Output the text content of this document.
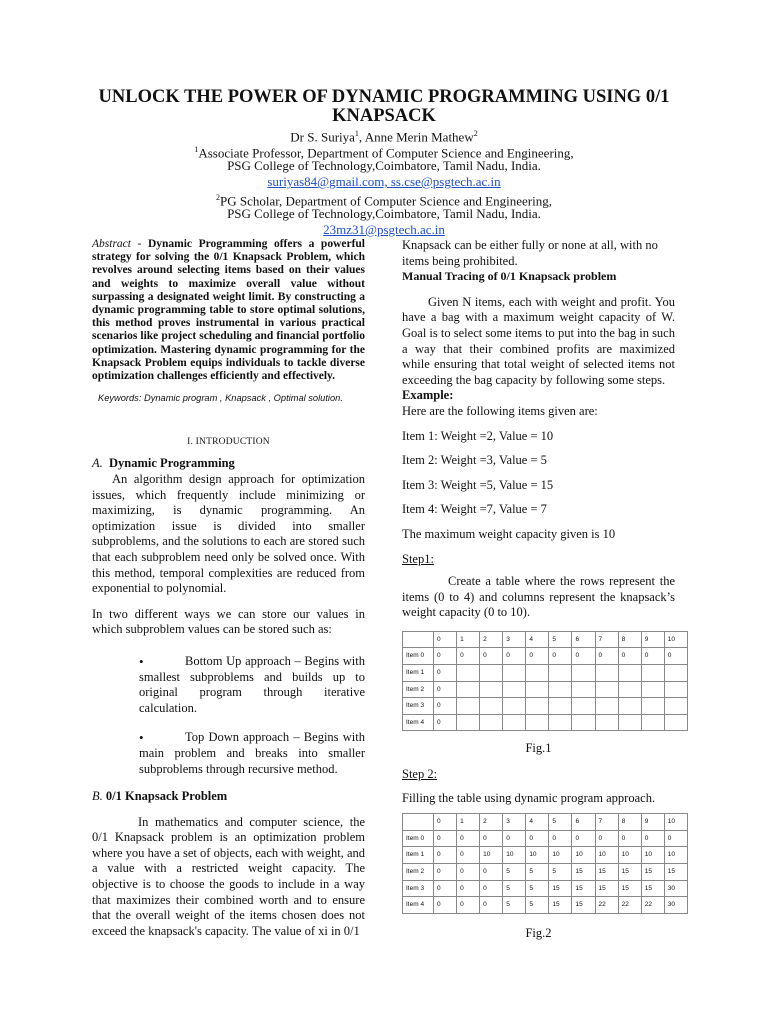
UNLOCK THE POWER OF DYNAMIC PROGRAMMING USING 0/1
KNAPSACK
Dr S. Suriya$^1$, Anne Merin Mathew$^2$
$^1$Associate Professor, Department of Computer Science and Engineering,
PSG College of Technology,Coimbatore, Tamil Nadu, India.
suriyas84@gmail.com, ss.cse@psgtech.ac.in
$^2$PG Scholar, Department of Computer Science and Engineering,
PSG College of Technology,Coimbatore, Tamil Nadu, India.
23mz31@psgtech.ac.in

Abstract - Dynamic Programming offers a powerful strategy for solving the 0/1 Knapsack Problem, which revolves around selecting items based on their values and weights to maximize overall value without surpassing a designated weight limit. By constructing a dynamic programming table to store optimal solutions, this method proves instrumental in various practical scenarios like project scheduling and financial portfolio optimization. Mastering dynamic programming for the Knapsack Problem equips individuals to tackle diverse optimization challenges efficiently and effectively.

Keywords: Dynamic program , Knapsack , Optimal solution.
I. INTRODUCTION
A. Dynamic Programming

An algorithm design approach for optimization issues, which frequently include minimizing or maximizing, is dynamic programming. An optimization issue is divided into smaller subproblems, and the solutions to each are stored such that each subproblem need only be solved once. With this method, temporal complexities are reduced from exponential to polynomial.

In two different ways we can store our values in which subproblem values can be stored such as:

•	Bottom Up approach – Begins with smallest subproblems and builds up to original program through iterative calculation.

•	Top Down approach – Begins with main problem and breaks into smaller subproblems through recursive method.

B. 0/1 Knapsack Problem

In mathematics and computer science, the 0/1 Knapsack problem is an optimization problem where you have a set of objects, each with weight, and a value with a restricted weight capacity. The objective is to choose the goods to include in a way that maximizes their combined worth and to ensure that the overall weight of the items chosen does not exceed the knapsack's capacity. The value of xi in 0/1

Knapsack can be either fully or none at all, with no items being prohibited.

Manual Tracing of 0/1 Knapsack problem

Given N items, each with weight and profit. You have a bag with a maximum weight capacity of W. Goal is to select some items to put into the bag in such a way that their combined profits are maximized while ensuring that total weight of selected items not exceeding the bag capacity by following some steps.

Example:

Here are the following items given are:

Item 1: Weight =2, Value = 10

Item 2: Weight =3, Value = 5

Item 3: Weight =5, Value = 15

Item 4: Weight =7, Value = 7

The maximum weight capacity given is 10

Step1:

Create a table where the rows represent the items (0 to 4) and columns represent the knapsack’s weight capacity (0 to 10).

	0	1	2	3	4	5	6	7	8	9	10
Item 0	0	0	0	0	0	0	0	0	0	0	0
Item 1	0										
Item 2	0										
Item 3	0										
Item 4	0										

Fig.1

Step 2:

Filling the table using dynamic program approach.

	0	1	2	3	4	5	6	7	8	9	10
Item 0	0	0	0	0	0	0	0	0	0	0	0
Item 1	0	0	10	10	10	10	10	10	10	10	10
Item 2	0	0	0	5	5	5	15	15	15	15	15
Item 3	0	0	0	5	5	15	15	15	15	15	30
Item 4	0	0	0	5	5	15	15	22	22	22	30

Fig.2
